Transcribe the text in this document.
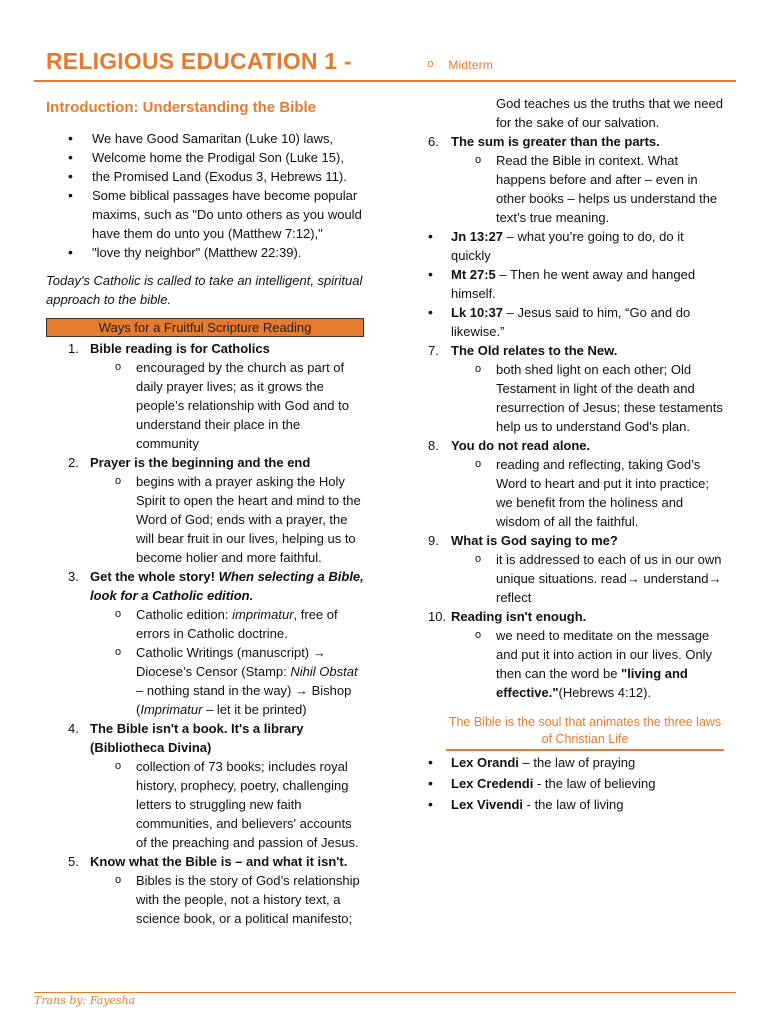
RELIGIOUS EDUCATION 1 - o	Midterm
Introduction: Understanding the Bible
• We have Good Samaritan (Luke 10) laws,
• Welcome home the Prodigal Son (Luke 15),
• the Promised Land (Exodus 3, Hebrews 11).
• Some biblical passages have become popular maxims, such as "Do unto others as you would have them do unto you (Matthew 7:12),"
• "love thy neighbor" (Matthew 22:39).
Today's Catholic is called to take an intelligent, spiritual approach to the bible.
Ways for a Fruitful Scripture Reading
1. Bible reading is for Catholics
o encouraged by the church as part of daily prayer lives; as it grows the people’s relationship with God and to understand their place in the community
2. Prayer is the beginning and the end
o begins with a prayer asking the Holy Spirit to open the heart and mind to the Word of God; ends with a prayer, the will bear fruit in our lives, helping us to become holier and more faithful.
3. Get the whole story! When selecting a Bible, look for a Catholic edition.
o Catholic edition: imprimatur, free of errors in Catholic doctrine.
o Catholic Writings (manuscript) → Diocese’s Censor (Stamp: Nihil Obstat – nothing stand in the way) → Bishop (Imprimatur – let it be printed)
4. The Bible isn't a book. It's a library (Bibliotheca Divina)
o collection of 73 books; includes royal history, prophecy, poetry, challenging letters to struggling new faith communities, and believers' accounts of the preaching and passion of Jesus.
5. Know what the Bible is – and what it isn't.
o Bibles is the story of God’s relationship with the people, not a history text, a science book, or a political manifesto;
God teaches us the truths that we need for the sake of our salvation.
6. The sum is greater than the parts.
o Read the Bible in context. What happens before and after – even in other books – helps us understand the text’s true meaning.
• Jn 13:27 – what you’re going to do, do it quickly
• Mt 27:5 – Then he went away and hanged himself.
• Lk 10:37 – Jesus said to him, “Go and do likewise.”
7. The Old relates to the New.
o both shed light on each other; Old Testament in light of the death and resurrection of Jesus; these testaments help us to understand God's plan.
8. You do not read alone.
o reading and reflecting, taking God’s Word to heart and put it into practice; we benefit from the holiness and wisdom of all the faithful.
9. What is God saying to me?
o it is addressed to each of us in our own unique situations. read→ understand→ reflect
10. Reading isn't enough.
o we need to meditate on the message and put it into action in our lives. Only then can the word be "living and effective."(Hebrews 4:12).
The Bible is the soul that animates the three laws of Christian Life
• Lex Orandi – the law of praying
• Lex Credendi - the law of believing
• Lex Vivendi - the law of living
Trans by: Fayesha
